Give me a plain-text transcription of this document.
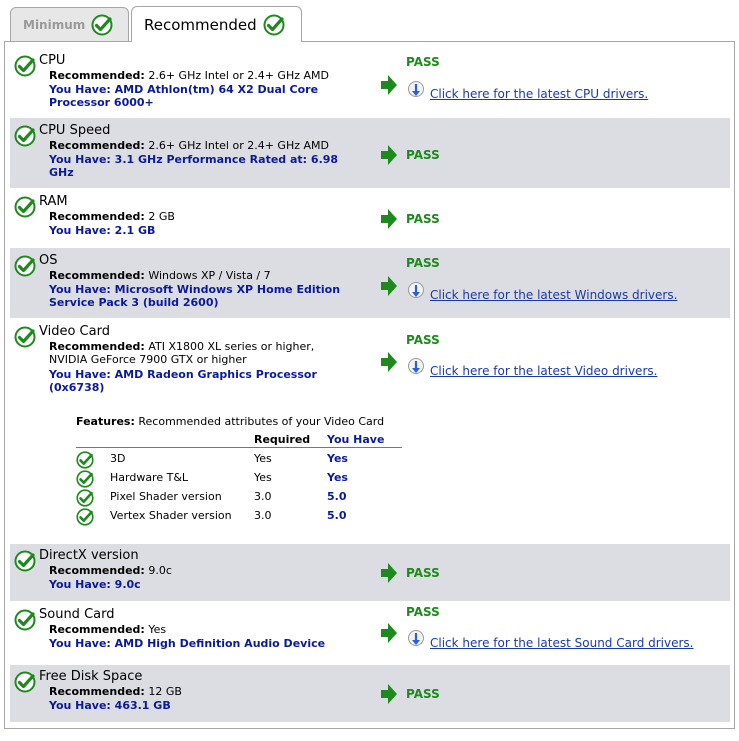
Minimum	Recommended
CPU
Recommended: 2.6+ GHz Intel or 2.4+ GHz AMD
You Have: AMD Athlon(tm) 64 X2 Dual Core Processor 6000+
PASS
Click here for the latest CPU drivers.
CPU Speed
Recommended: 2.6+ GHz Intel or 2.4+ GHz AMD
You Have: 3.1 GHz Performance Rated at: 6.98 GHz
PASS
RAM
Recommended: 2 GB
You Have: 2.1 GB
PASS
OS
Recommended: Windows XP / Vista / 7
You Have: Microsoft Windows XP Home Edition Service Pack 3 (build 2600)
PASS
Click here for the latest Windows drivers.
Video Card
Recommended: ATI X1800 XL series or higher, NVIDIA GeForce 7900 GTX or higher
You Have: AMD Radeon Graphics Processor (0x6738)
PASS
Click here for the latest Video drivers.
Features: Recommended attributes of your Video Card
Required You Have
3D	Yes	Yes
Hardware T&L	Yes	Yes
Pixel Shader version	3.0	5.0
Vertex Shader version 3.0	5.0
DirectX version
Recommended: 9.0c
You Have: 9.0c
PASS
Sound Card
Recommended: Yes
You Have: AMD High Definition Audio Device
PASS
Click here for the latest Sound Card drivers.
Free Disk Space
Recommended: 12 GB
You Have: 463.1 GB
PASS
